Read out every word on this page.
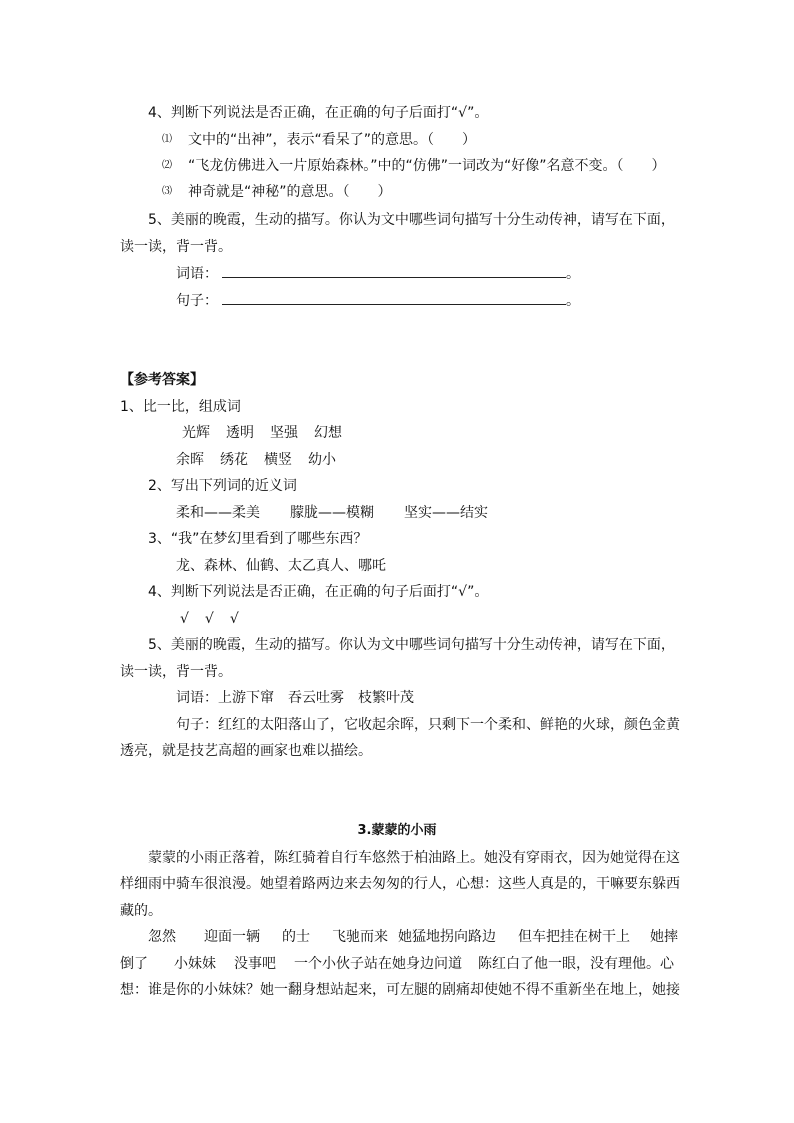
4、判断下列说法是否正确，在正确的句子后面打“√”。
⑴ 文中的“出神”，表示“看呆了”的意思。（　　）
⑵ “飞龙仿佛进入一片原始森林。”中的“仿佛”一词改为“好像”名意不变。（　　）
⑶ 神奇就是“神秘”的意思。（　　）
5、美丽的晚霞，生动的描写。你认为文中哪些词句描写十分生动传神，请写在下面，
读一读，背一背。
词语：	。
句子：	。
【参考答案】
1、比一比，组成词
光辉 透明 坚强 幻想
余晖 绣花 横竖 幼小
2、写出下列词的近义词
柔和——柔美 朦胧——模糊 坚实——结实
3、“我”在梦幻里看到了哪些东西？
龙、森林、仙鹤、太乙真人、哪吒
4、判断下列说法是否正确，在正确的句子后面打“√”。
√ √ √
5、美丽的晚霞，生动的描写。你认为文中哪些词句描写十分生动传神，请写在下面，
读一读，背一背。
词语：上游下窜　吞云吐雾　枝繁叶茂
句子：红红的太阳落山了，它收起余晖，只剩下一个柔和、鲜艳的火球，颜色金黄
透亮，就是技艺高超的画家也难以描绘。
3.蒙蒙的小雨
蒙蒙的小雨正落着，陈红骑着自行车悠然于柏油路上。她没有穿雨衣，因为她觉得在这
样细雨中骑车很浪漫。她望着路两边来去匆匆的行人，心想：这些人真是的，干嘛要东躲西
藏的。
忽然 迎面一辆 的士 飞驰而来 她猛地拐向路边 但车把挂在树干上 她摔
倒了 小妹妹 没事吧 一个小伙子站在她身边问道 陈红白了他一眼，没有理他。心
想：谁是你的小妹妹？她一翻身想站起来，可左腿的剧痛却使她不得不重新坐在地上，她接
